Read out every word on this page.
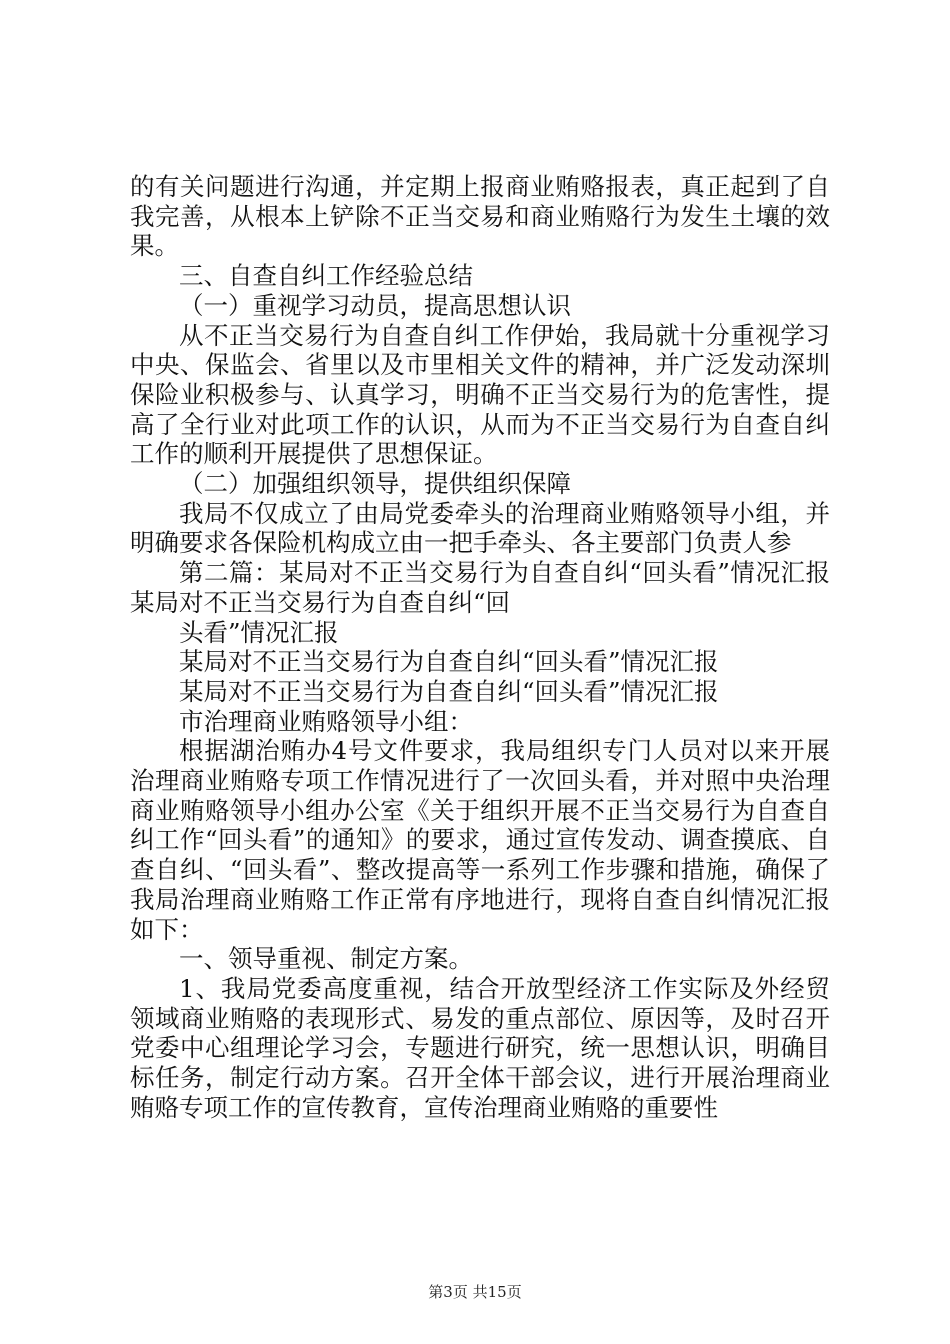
的有关问题进行沟通，并定期上报商业贿赂报表，真正起到了自我完善，从根本上铲除不正当交易和商业贿赂行为发生土壤的效果。

三、自查自纠工作经验总结

（一）重视学习动员，提高思想认识

从不正当交易行为自查自纠工作伊始，我局就十分重视学习中央、保监会、省里以及市里相关文件的精神，并广泛发动深圳保险业积极参与、认真学习，明确不正当交易行为的危害性，提高了全行业对此项工作的认识，从而为不正当交易行为自查自纠工作的顺利开展提供了思想保证。

（二）加强组织领导，提供组织保障

我局不仅成立了由局党委牵头的治理商业贿赂领导小组，并明确要求各保险机构成立由一把手牵头、各主要部门负责人参

第二篇：某局对不正当交易行为自查自纠“回头看”情况汇报某局对不正当交易行为自查自纠“回

头看”情况汇报

某局对不正当交易行为自查自纠“回头看”情况汇报

某局对不正当交易行为自查自纠“回头看”情况汇报

市治理商业贿赂领导小组：

根据湖治贿办4号文件要求，我局组织专门人员对以来开展治理商业贿赂专项工作情况进行了一次回头看，并对照中央治理商业贿赂领导小组办公室《关于组织开展不正当交易行为自查自纠工作“回头看”的通知》的要求，通过宣传发动、调查摸底、自查自纠、“回头看”、整改提高等一系列工作步骤和措施，确保了我局治理商业贿赂工作正常有序地进行，现将自查自纠情况汇报如下：

一、领导重视、制定方案。

1、我局党委高度重视，结合开放型经济工作实际及外经贸领域商业贿赂的表现形式、易发的重点部位、原因等，及时召开党委中心组理论学习会，专题进行研究，统一思想认识，明确目标任务，制定行动方案。召开全体干部会议，进行开展治理商业贿赂专项工作的宣传教育，宣传治理商业贿赂的重要性

第3页 共15页
